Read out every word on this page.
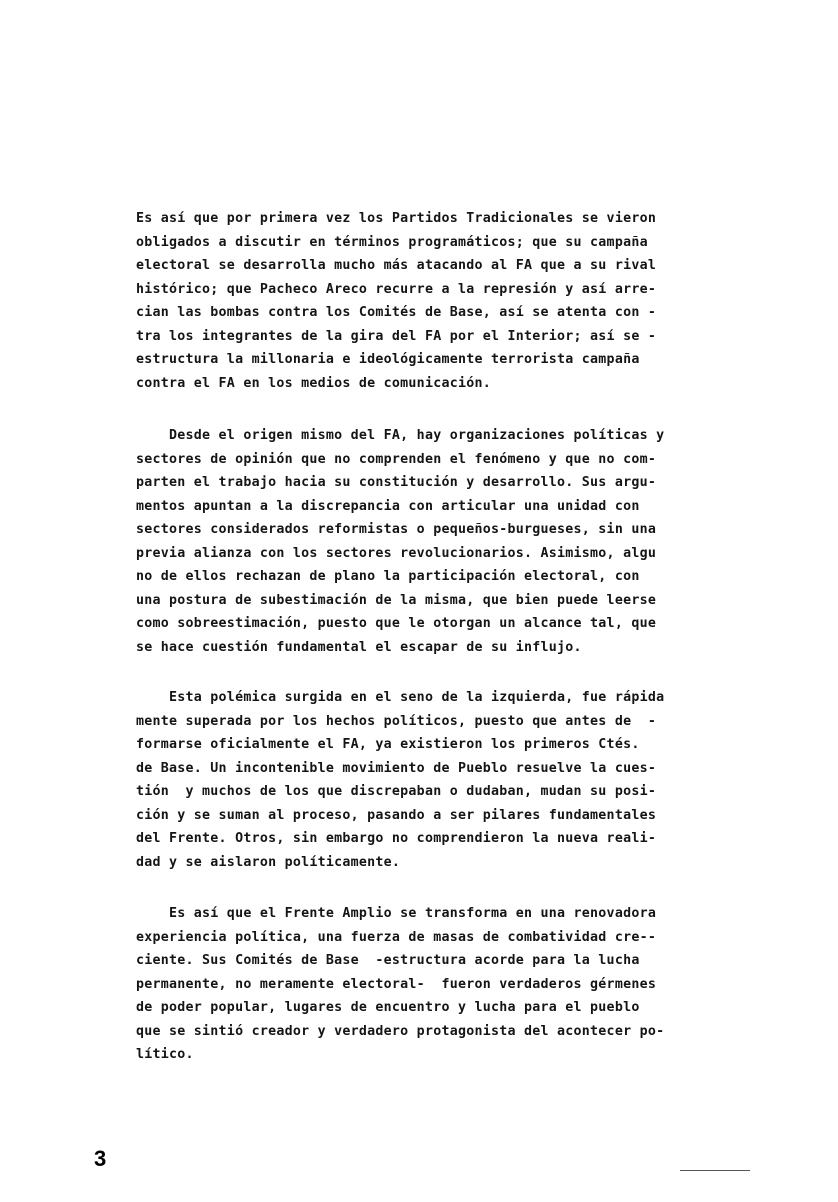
Es así que por primera vez los Partidos Tradicionales se vieron
obligados a discutir en términos programáticos; que su campaña
electoral se desarrolla mucho más atacando al FA que a su rival
histórico; que Pacheco Areco recurre a la represión y así arre-
cian las bombas contra los Comités de Base, así se atenta con -
tra los integrantes de la gira del FA por el Interior; así se -
estructura la millonaria e ideológicamente terrorista campaña
contra el FA en los medios de comunicación.
Desde el origen mismo del FA, hay organizaciones políticas y
sectores de opinión que no comprenden el fenómeno y que no com-
parten el trabajo hacia su constitución y desarrollo. Sus argu-
mentos apuntan a la discrepancia con articular una unidad con
sectores considerados reformistas o pequeños-burgueses, sin una
previa alianza con los sectores revolucionarios. Asimismo, algu
no de ellos rechazan de plano la participación electoral, con
una postura de subestimación de la misma, que bien puede leerse
como sobreestimación, puesto que le otorgan un alcance tal, que
se hace cuestión fundamental el escapar de su influjo.
Esta polémica surgida en el seno de la izquierda, fue rápida
mente superada por los hechos políticos, puesto que antes de  -
formarse oficialmente el FA, ya existieron los primeros Ctés.
de Base. Un incontenible movimiento de Pueblo resuelve la cues-
tión  y muchos de los que discrepaban o dudaban, mudan su posi-
ción y se suman al proceso, pasando a ser pilares fundamentales
del Frente. Otros, sin embargo no comprendieron la nueva reali-
dad y se aislaron políticamente.
Es así que el Frente Amplio se transforma en una renovadora
experiencia política, una fuerza de masas de combatividad cre--
ciente. Sus Comités de Base  -estructura acorde para la lucha
permanente, no meramente electoral-  fueron verdaderos gérmenes
de poder popular, lugares de encuentro y lucha para el pueblo
que se sintió creador y verdadero protagonista del acontecer po-
lítico.
3
